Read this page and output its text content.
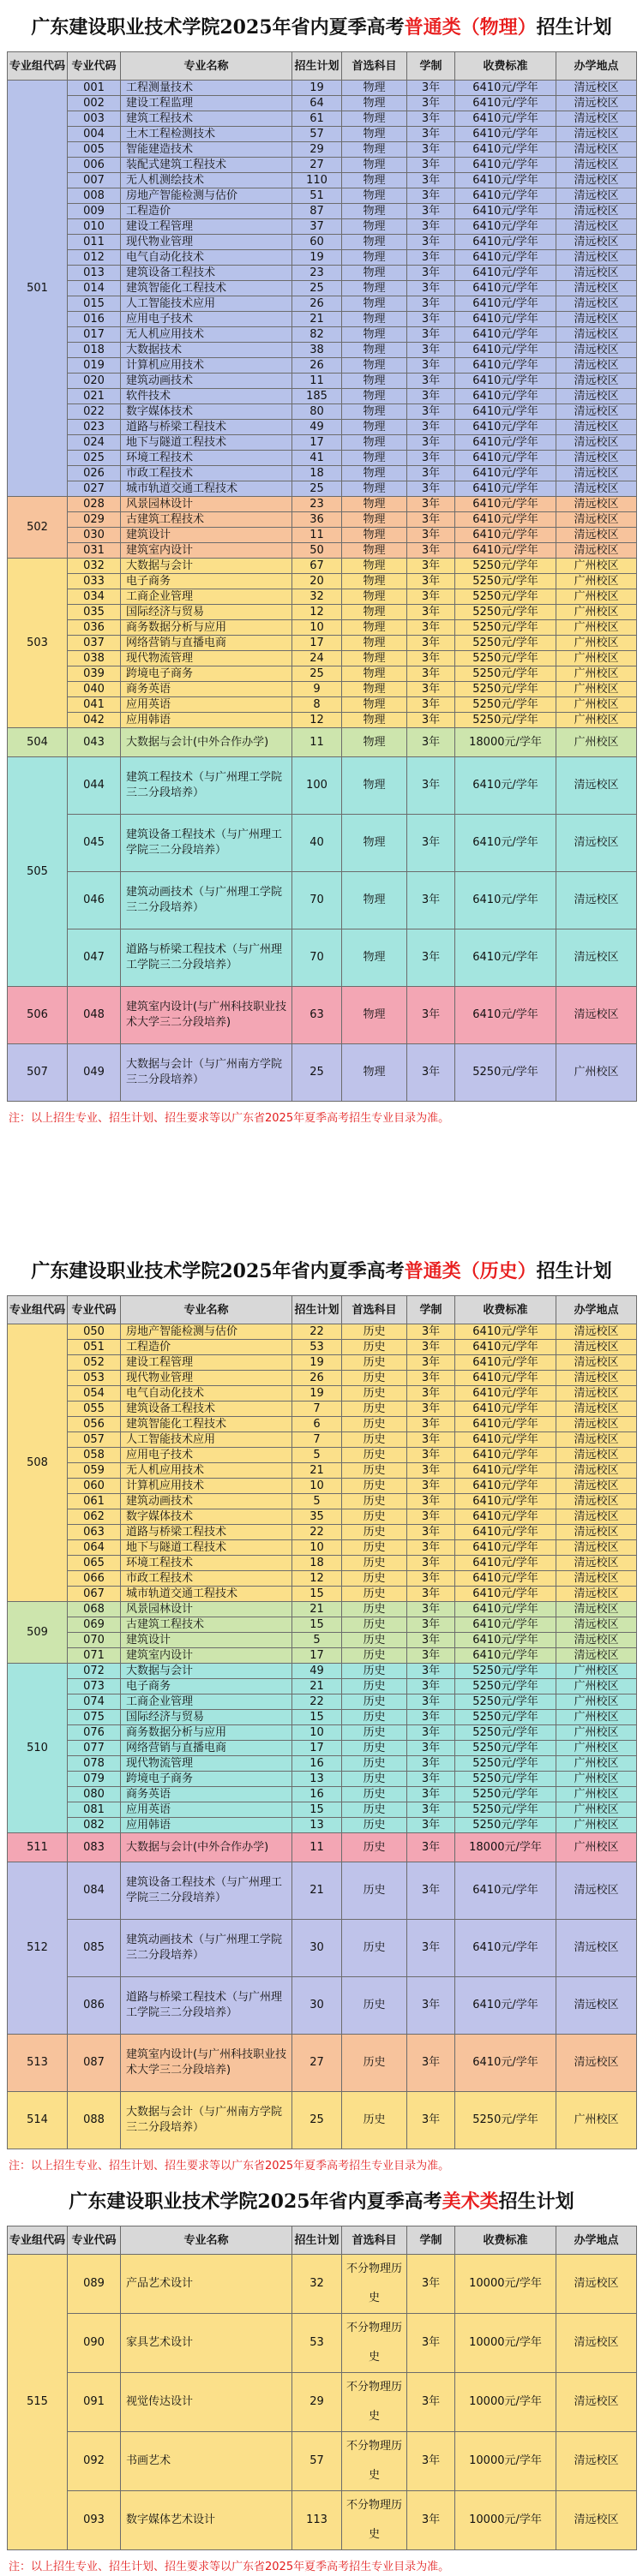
广东建设职业技术学院2025年省内夏季高考 普通类（物理） 招生计划
专业组代码	专业代码	专业名称	招生计划	首选科目	学制	收费标准	办学地点
501	001	工程测量技术	19	物理	3年	6410元/学年	清远校区
	002	建设工程监理	64	物理	3年	6410元/学年	清远校区
	003	建筑工程技术	61	物理	3年	6410元/学年	清远校区
	004	土木工程检测技术	57	物理	3年	6410元/学年	清远校区
	005	智能建造技术	29	物理	3年	6410元/学年	清远校区
	006	装配式建筑工程技术	27	物理	3年	6410元/学年	清远校区
	007	无人机测绘技术	110	物理	3年	6410元/学年	清远校区
	008	房地产智能检测与估价	51	物理	3年	6410元/学年	清远校区
	009	工程造价	87	物理	3年	6410元/学年	清远校区
	010	建设工程管理	37	物理	3年	6410元/学年	清远校区
	011	现代物业管理	60	物理	3年	6410元/学年	清远校区
	012	电气自动化技术	19	物理	3年	6410元/学年	清远校区
	013	建筑设备工程技术	23	物理	3年	6410元/学年	清远校区
	014	建筑智能化工程技术	25	物理	3年	6410元/学年	清远校区
	015	人工智能技术应用	26	物理	3年	6410元/学年	清远校区
	016	应用电子技术	21	物理	3年	6410元/学年	清远校区
	017	无人机应用技术	82	物理	3年	6410元/学年	清远校区
	018	大数据技术	38	物理	3年	6410元/学年	清远校区
	019	计算机应用技术	26	物理	3年	6410元/学年	清远校区
	020	建筑动画技术	11	物理	3年	6410元/学年	清远校区
	021	软件技术	185	物理	3年	6410元/学年	清远校区
	022	数字媒体技术	80	物理	3年	6410元/学年	清远校区
	023	道路与桥梁工程技术	49	物理	3年	6410元/学年	清远校区
	024	地下与隧道工程技术	17	物理	3年	6410元/学年	清远校区
	025	环境工程技术	41	物理	3年	6410元/学年	清远校区
	026	市政工程技术	18	物理	3年	6410元/学年	清远校区
	027	城市轨道交通工程技术	25	物理	3年	6410元/学年	清远校区
502	028	风景园林设计	23	物理	3年	6410元/学年	清远校区
	029	古建筑工程技术	36	物理	3年	6410元/学年	清远校区
	030	建筑设计	11	物理	3年	6410元/学年	清远校区
	031	建筑室内设计	50	物理	3年	6410元/学年	清远校区
503	032	大数据与会计	67	物理	3年	5250元/学年	广州校区
	033	电子商务	20	物理	3年	5250元/学年	广州校区
	034	工商企业管理	32	物理	3年	5250元/学年	广州校区
	035	国际经济与贸易	12	物理	3年	5250元/学年	广州校区
	036	商务数据分析与应用	10	物理	3年	5250元/学年	广州校区
	037	网络营销与直播电商	17	物理	3年	5250元/学年	广州校区
	038	现代物流管理	24	物理	3年	5250元/学年	广州校区
	039	跨境电子商务	25	物理	3年	5250元/学年	广州校区
	040	商务英语	9	物理	3年	5250元/学年	广州校区
	041	应用英语	8	物理	3年	5250元/学年	广州校区
	042	应用韩语	12	物理	3年	5250元/学年	广州校区
504	043	大数据与会计(中外合作办学)	11	物理	3年	18000元/学年	广州校区
505	044	建筑工程技术（与广州理工学院三二分段培养）	100	物理	3年	6410元/学年	清远校区
	045	建筑设备工程技术（与广州理工学院三二分段培养）	40	物理	3年	6410元/学年	清远校区
	046	建筑动画技术（与广州理工学院三二分段培养）	70	物理	3年	6410元/学年	清远校区
	047	道路与桥梁工程技术（与广州理工学院三二分段培养）	70	物理	3年	6410元/学年	清远校区
506	048	建筑室内设计(与广州科技职业技术大学三二分段培养)	63	物理	3年	6410元/学年	清远校区
507	049	大数据与会计（与广州南方学院三二分段培养）	25	物理	3年	5250元/学年	广州校区
注：以上招生专业、招生计划、招生要求等以广东省2025年夏季高考招生专业目录为准。
广东建设职业技术学院2025年省内夏季高考 普通类（历史） 招生计划
专业组代码	专业代码	专业名称	招生计划	首选科目	学制	收费标准	办学地点
508	050	房地产智能检测与估价	22	历史	3年	6410元/学年	清远校区
	051	工程造价	53	历史	3年	6410元/学年	清远校区
	052	建设工程管理	19	历史	3年	6410元/学年	清远校区
	053	现代物业管理	26	历史	3年	6410元/学年	清远校区
	054	电气自动化技术	19	历史	3年	6410元/学年	清远校区
	055	建筑设备工程技术	7	历史	3年	6410元/学年	清远校区
	056	建筑智能化工程技术	6	历史	3年	6410元/学年	清远校区
	057	人工智能技术应用	7	历史	3年	6410元/学年	清远校区
	058	应用电子技术	5	历史	3年	6410元/学年	清远校区
	059	无人机应用技术	21	历史	3年	6410元/学年	清远校区
	060	计算机应用技术	10	历史	3年	6410元/学年	清远校区
	061	建筑动画技术	5	历史	3年	6410元/学年	清远校区
	062	数字媒体技术	35	历史	3年	6410元/学年	清远校区
	063	道路与桥梁工程技术	22	历史	3年	6410元/学年	清远校区
	064	地下与隧道工程技术	10	历史	3年	6410元/学年	清远校区
	065	环境工程技术	18	历史	3年	6410元/学年	清远校区
	066	市政工程技术	12	历史	3年	6410元/学年	清远校区
	067	城市轨道交通工程技术	15	历史	3年	6410元/学年	清远校区
509	068	风景园林设计	21	历史	3年	6410元/学年	清远校区
	069	古建筑工程技术	15	历史	3年	6410元/学年	清远校区
	070	建筑设计	5	历史	3年	6410元/学年	清远校区
	071	建筑室内设计	17	历史	3年	6410元/学年	清远校区
510	072	大数据与会计	49	历史	3年	5250元/学年	广州校区
	073	电子商务	21	历史	3年	5250元/学年	广州校区
	074	工商企业管理	22	历史	3年	5250元/学年	广州校区
	075	国际经济与贸易	15	历史	3年	5250元/学年	广州校区
	076	商务数据分析与应用	10	历史	3年	5250元/学年	广州校区
	077	网络营销与直播电商	17	历史	3年	5250元/学年	广州校区
	078	现代物流管理	16	历史	3年	5250元/学年	广州校区
	079	跨境电子商务	13	历史	3年	5250元/学年	广州校区
	080	商务英语	16	历史	3年	5250元/学年	广州校区
	081	应用英语	15	历史	3年	5250元/学年	广州校区
	082	应用韩语	13	历史	3年	5250元/学年	广州校区
511	083	大数据与会计(中外合作办学)	11	历史	3年	18000元/学年	广州校区
512	084	建筑设备工程技术（与广州理工学院三二分段培养）	21	历史	3年	6410元/学年	清远校区
	085	建筑动画技术（与广州理工学院三二分段培养）	30	历史	3年	6410元/学年	清远校区
	086	道路与桥梁工程技术（与广州理工学院三二分段培养）	30	历史	3年	6410元/学年	清远校区
513	087	建筑室内设计(与广州科技职业技术大学三二分段培养)	27	历史	3年	6410元/学年	清远校区
514	088	大数据与会计（与广州南方学院三二分段培养）	25	历史	3年	5250元/学年	广州校区
注：以上招生专业、招生计划、招生要求等以广东省2025年夏季高考招生专业目录为准。
广东建设职业技术学院2025年省内夏季高考 美术类 招生计划
专业组代码	专业代码	专业名称	招生计划	首选科目	学制	收费标准	办学地点
515	089	产品艺术设计	32	不分物理历史	3年	10000元/学年	清远校区
	090	家具艺术设计	53	不分物理历史	3年	10000元/学年	清远校区
	091	视觉传达设计	29	不分物理历史	3年	10000元/学年	清远校区
	092	书画艺术	57	不分物理历史	3年	10000元/学年	清远校区
	093	数字媒体艺术设计	113	不分物理历史	3年	10000元/学年	清远校区
注：以上招生专业、招生计划、招生要求等以广东省2025年夏季高考招生专业目录为准。
